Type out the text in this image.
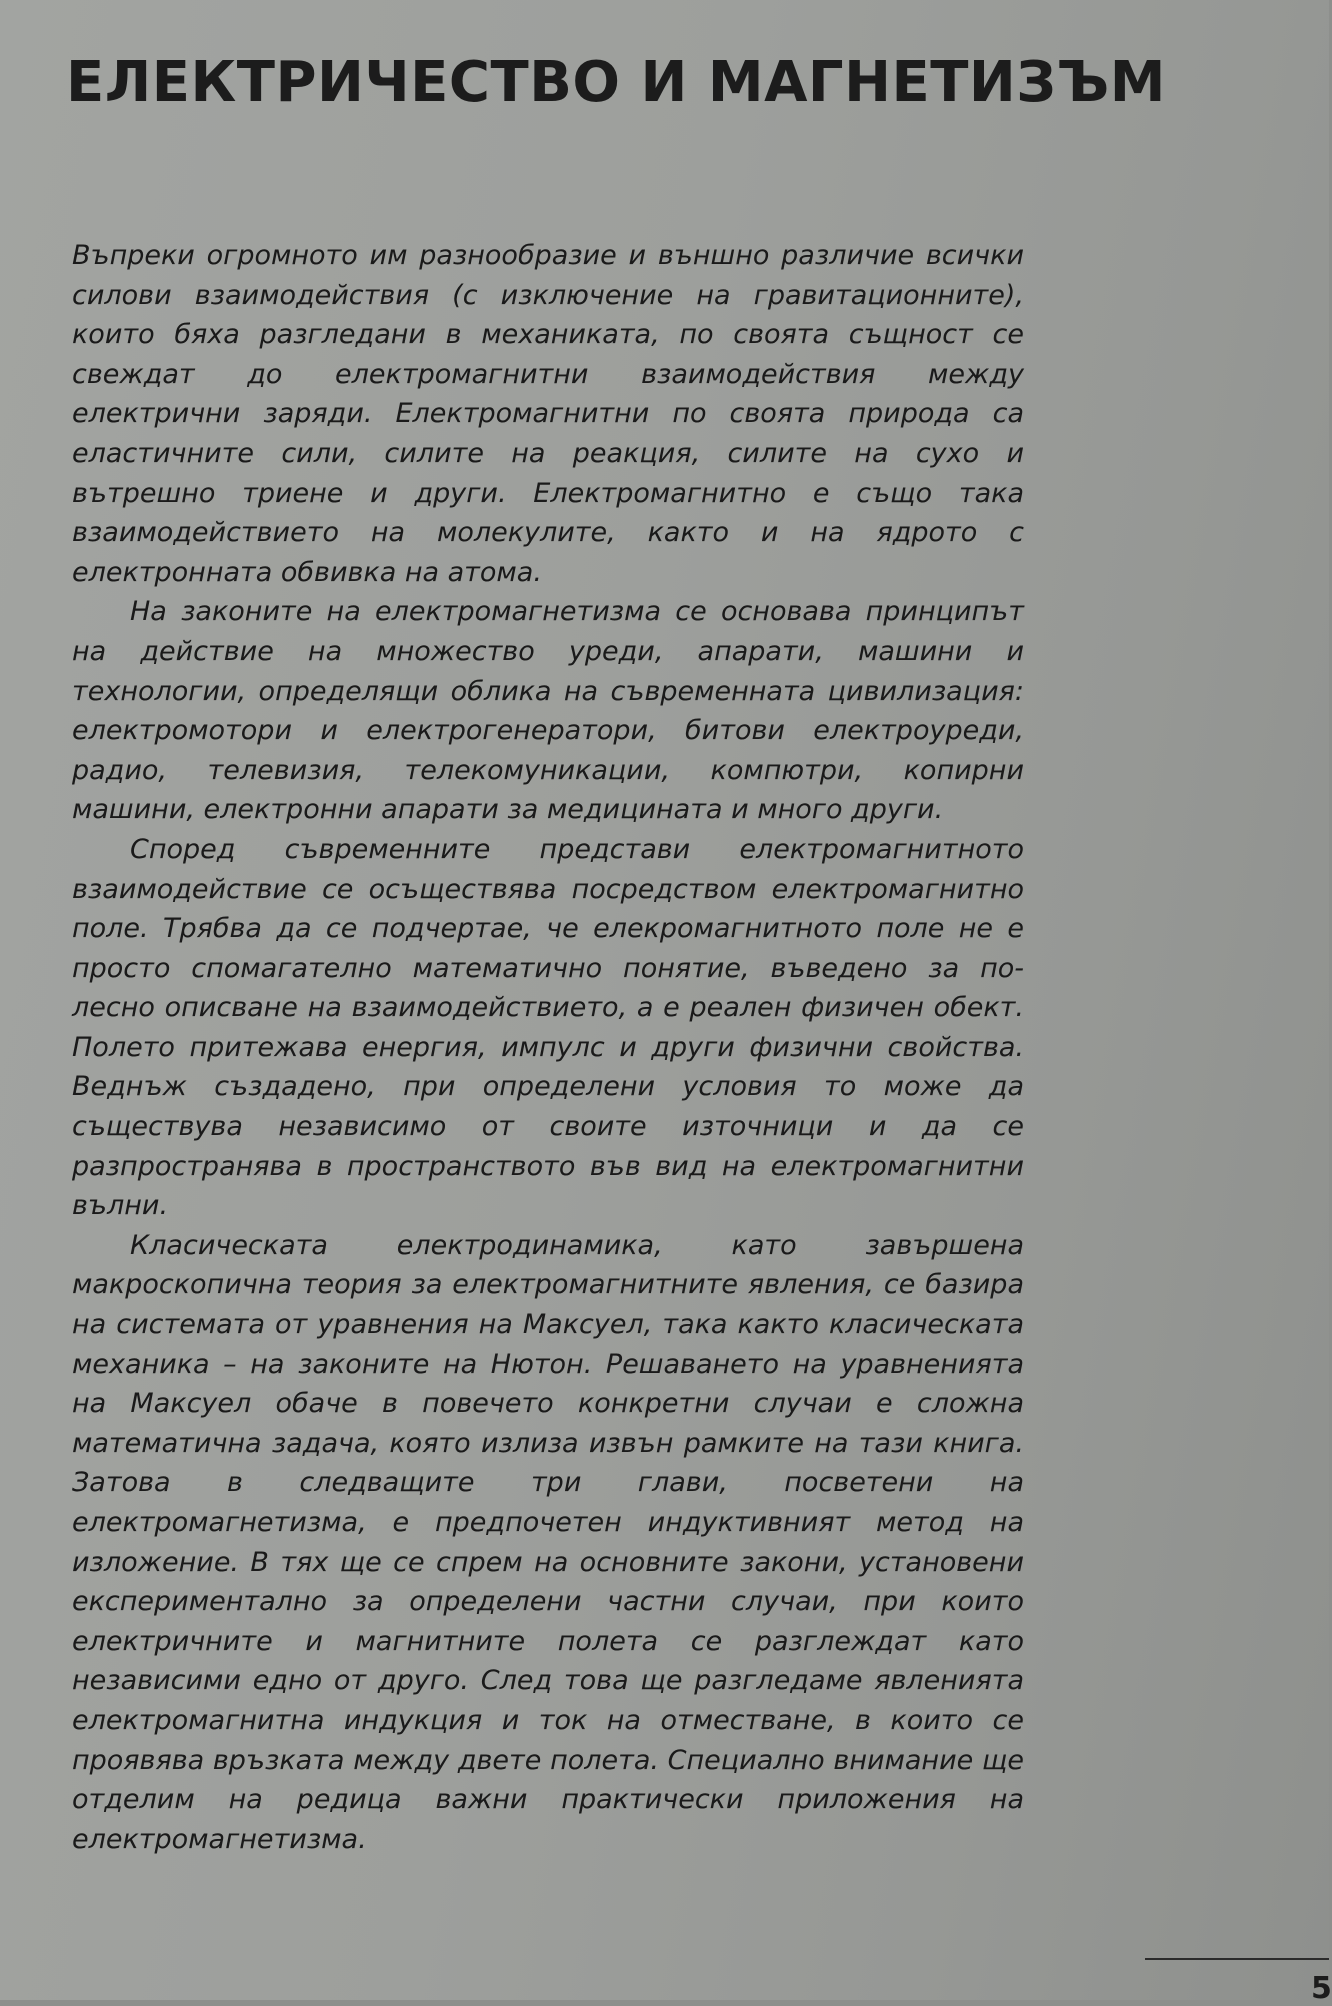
ЕЛЕКТРИЧЕСТВО И МАГНЕТИЗЪМ

Въпреки огромното им разнообразие и външно различие всички силови взаимодействия (с изключение на гравитационните), които бяха разгледани в механиката, по своята същност се свеждат до електромагнитни взаимодействия между електрични заряди. Електромагнитни по своята природа са еластичните сили, силите на реакция, силите на сухо и вътрешно триене и други. Електромагнитно е също така взаимодействието на молекулите, както и на ядрото с електронната обвивка на атома.

На законите на електромагнетизма се основава принципът на действие на множество уреди, апарати, машини и технологии, определящи облика на съвременната цивилизация: електромотори и електрогенератори, битови електроуреди, радио, телевизия, телекомуникации, компютри, копирни машини, електронни апарати за медицината и много други.

Според съвременните представи електромагнитното взаимодействие се осъществява посредством електромагнитно поле. Трябва да се подчертае, че елекромагнитното поле не е просто спомагателно математично понятие, въведено за по-лесно описване на взаимодействието, а е реален физичен обект. Полето притежава енергия, импулс и други физични свойства. Веднъж създадено, при определени условия то може да съществува независимо от своите източници и да се разпространява в пространството във вид на електромагнитни вълни.

Класическата електродинамика, като завършена макроскопична теория за електромагнитните явления, се базира на системата от уравнения на Максуел, така както класическата механика – на законите на Нютон. Решаването на уравненията на Максуел обаче в повечето конкретни случаи е сложна математична задача, която излиза извън рамките на тази книга. Затова в следващите три глави, посветени на електромагнетизма, е предпочетен индуктивният метод на изложение. В тях ще се спрем на основните закони, установени експериментално за определени частни случаи, при които електричните и магнитните полета се разглеждат като независими едно от друго. След това ще разгледаме явленията електромагнитна индукция и ток на отместване, в които се проявява връзката между двете полета. Специално внимание ще отделим на редица важни практически приложения на електромагнетизма.

5
